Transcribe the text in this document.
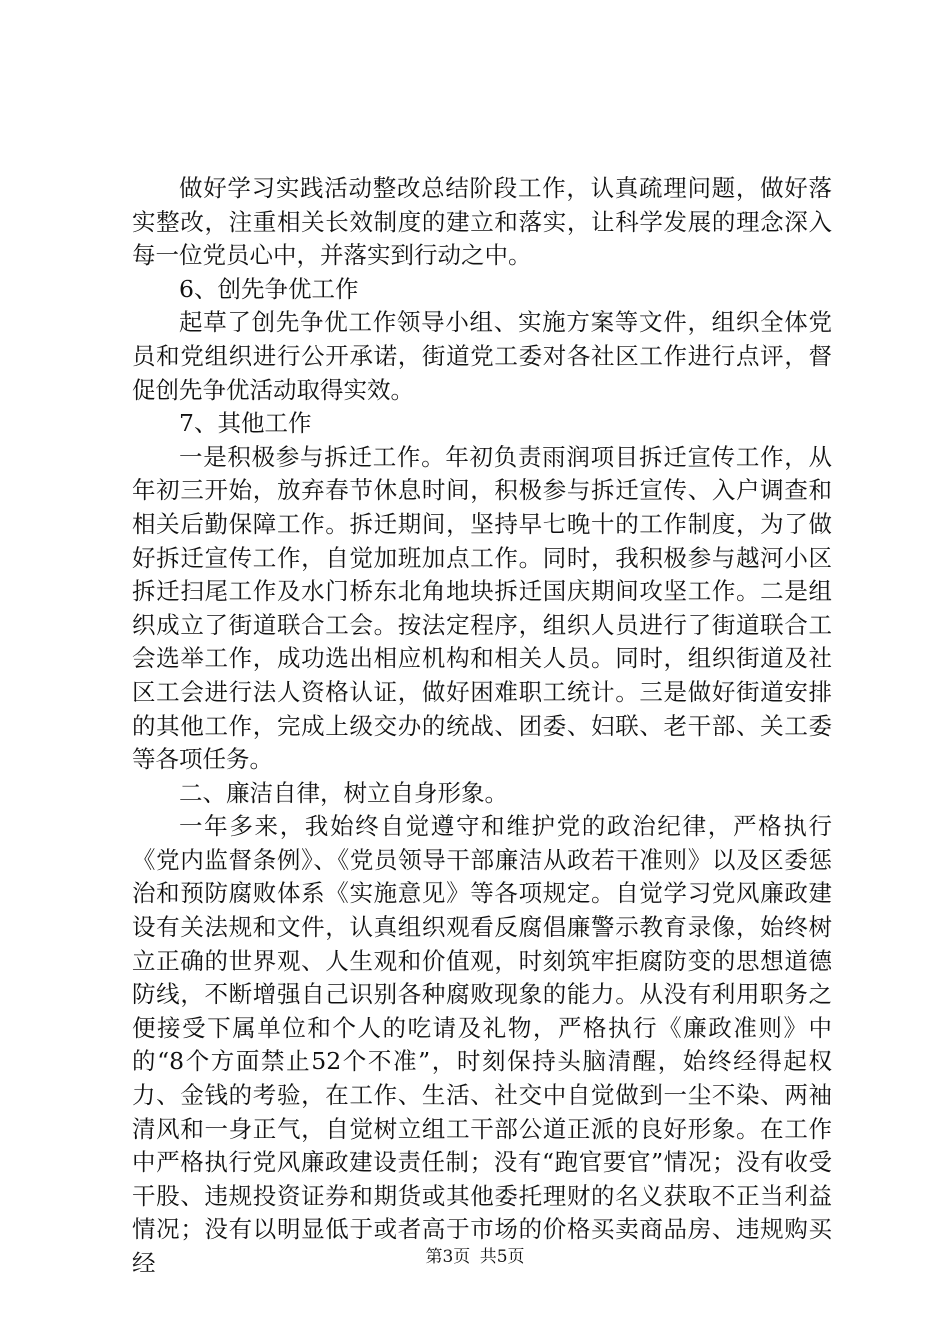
做好学习实践活动整改总结阶段工作，认真疏理问题，做好落实整改，注重相关长效制度的建立和落实，让科学发展的理念深入每一位党员心中，并落实到行动之中。

6、创先争优工作

起草了创先争优工作领导小组、实施方案等文件，组织全体党员和党组织进行公开承诺，街道党工委对各社区工作进行点评，督促创先争优活动取得实效。

7、其他工作

一是积极参与拆迁工作。年初负责雨润项目拆迁宣传工作，从年初三开始，放弃春节休息时间，积极参与拆迁宣传、入户调查和相关后勤保障工作。拆迁期间，坚持早七晚十的工作制度，为了做好拆迁宣传工作，自觉加班加点工作。同时，我积极参与越河小区拆迁扫尾工作及水门桥东北角地块拆迁国庆期间攻坚工作。二是组织成立了街道联合工会。按法定程序，组织人员进行了街道联合工会选举工作，成功选出相应机构和相关人员。同时，组织街道及社区工会进行法人资格认证，做好困难职工统计。三是做好街道安排的其他工作，完成上级交办的统战、团委、妇联、老干部、关工委等各项任务。

二、廉洁自律，树立自身形象。

一年多来，我始终自觉遵守和维护党的政治纪律，严格执行《党内监督条例》、《党员领导干部廉洁从政若干准则》以及区委惩治和预防腐败体系《实施意见》等各项规定。自觉学习党风廉政建设有关法规和文件，认真组织观看反腐倡廉警示教育录像，始终树立正确的世界观、人生观和价值观，时刻筑牢拒腐防变的思想道德防线，不断增强自己识别各种腐败现象的能力。从没有利用职务之便接受下属单位和个人的吃请及礼物，严格执行《廉政准则》中的“8个方面禁止52个不准”，时刻保持头脑清醒，始终经得起权力、金钱的考验，在工作、生活、社交中自觉做到一尘不染、两袖清风和一身正气，自觉树立组工干部公道正派的良好形象。在工作中严格执行党风廉政建设责任制；没有“跑官要官”情况；没有收受干股、违规投资证券和期货或其他委托理财的名义获取不正当利益情况；没有以明显低于或者高于市场的价格买卖商品房、违规购买经	第3页 共5页
